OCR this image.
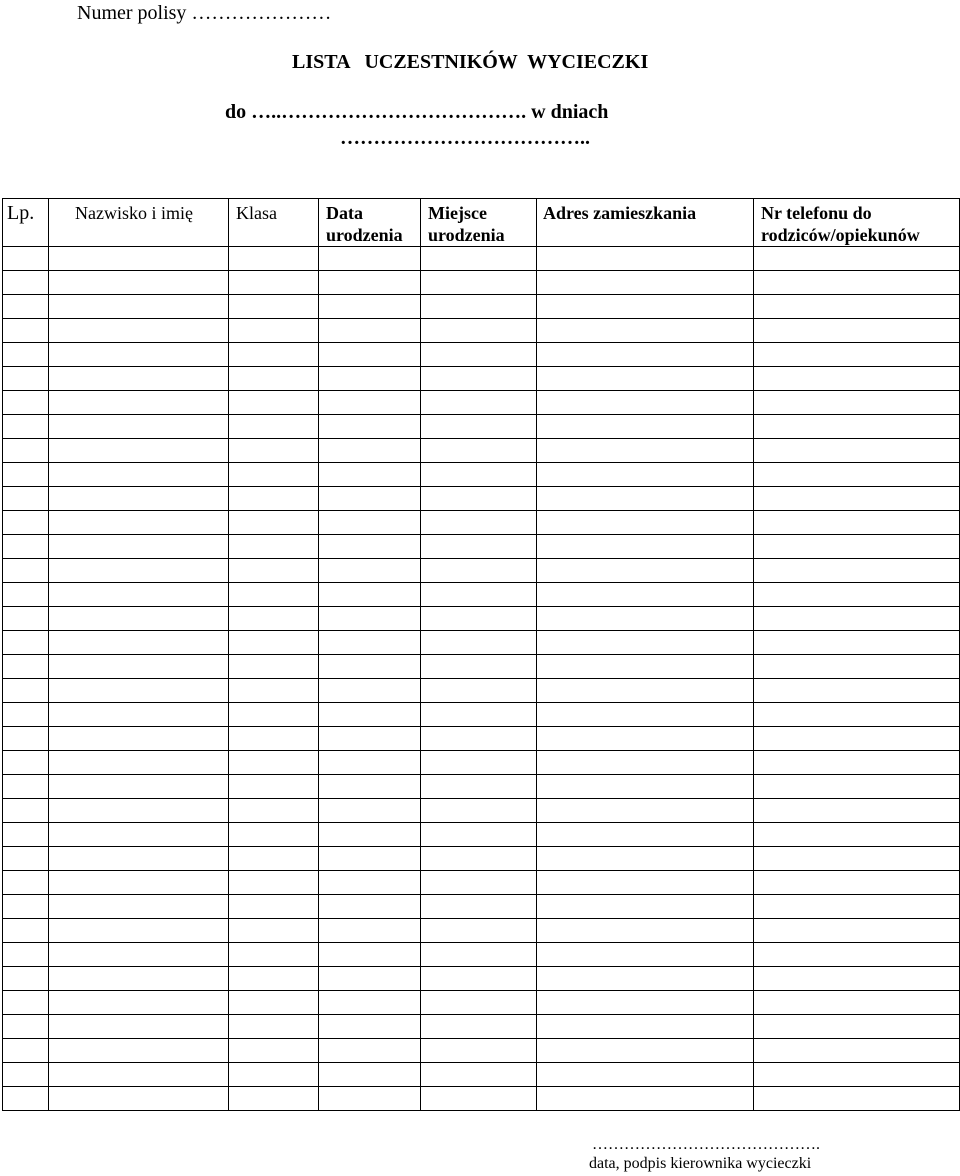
Numer polisy …………………
LISTA   UCZESTNIKÓW  WYCIECZKI
do …..………………………………. w dniach
………………………………..
Lp.	Nazwisko i imię	Klasa	Data urodzenia	Miejsce urodzenia	Adres zamieszkania	Nr telefonu do rodziców/opiekunów

…………………………………….
data, podpis kierownika wycieczki
